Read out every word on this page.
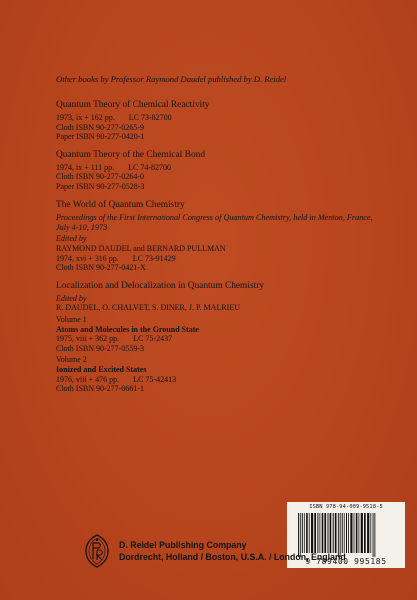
Other books by Professor Raymond Daudel published by D. Reidel
Quantum Theory of Chemical Reactivity
1973, ix + 162 pp. LC 73-82700
Cloth ISBN 90-277-0265-9
Paper ISBN 90-277-0420-1
Quantum Theory of the Chemical Bond
1974, ix + 111 pp. LC 74-82700
Cloth ISBN 90-277-0264-0
Paper ISBN 90-277-0528-3
The World of Quantum Chemistry
Proceedings of the First International Congress of Quantum Chemistry, held in Menton, France, July 4-10, 1973
Edited by
RAYMOND DAUDEL and BERNARD PULLMAN
1974, xvi + 316 pp. LC 73-91429
Cloth ISBN 90-277-0421-X
Localization and Delocalization in Quantum Chemistry
Edited by
R. DAUDEL, O. CHALVET, S. DINER, J. P. MALRIEU
Volume 1
Atoms and Molecules in the Ground State
1975, viii + 362 pp. LC 75-2437
Cloth ISBN 90-277-0559-3
Volume 2
Ionized and Excited States
1976, viii + 476 pp. LC 75-42413
Cloth ISBN 90-277-0661-1
ISBN 978-94-009-9518-5
9 789400 995185
D. Reidel Publishing Company
Dordrecht, Holland / Boston, U.S.A. / London, England
